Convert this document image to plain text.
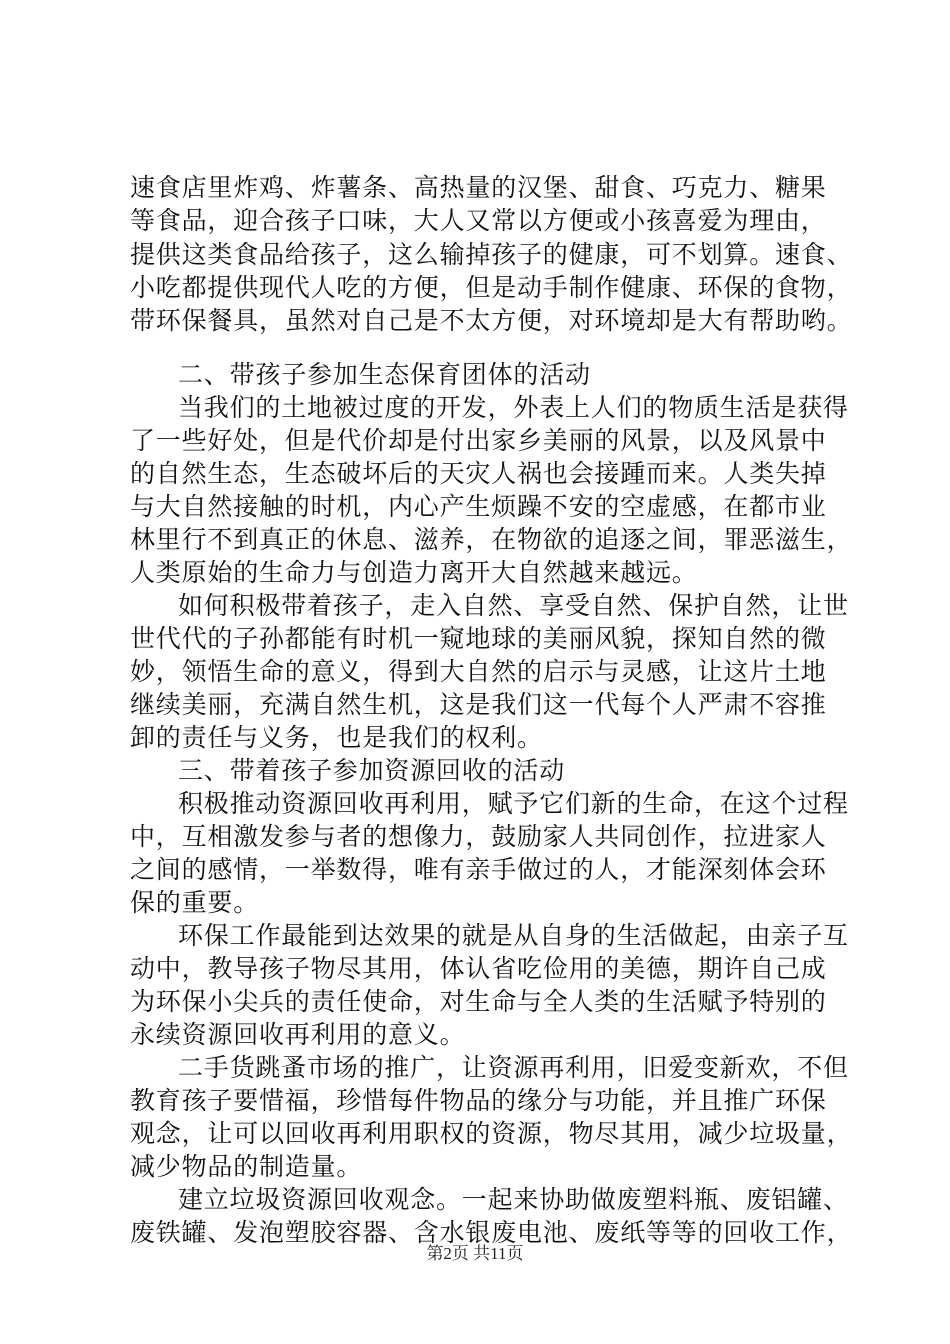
速食店里炸鸡、炸薯条、高热量的汉堡、甜食、巧克力、糖果
等食品，迎合孩子口味，大人又常以方便或小孩喜爱为理由，
提供这类食品给孩子，这么输掉孩子的健康，可不划算。速食、
小吃都提供现代人吃的方便，但是动手制作健康、环保的食物，
带环保餐具，虽然对自己是不太方便，对环境却是大有帮助哟。
二、带孩子参加生态保育团体的活动
当我们的土地被过度的开发，外表上人们的物质生活是获得
了一些好处，但是代价却是付出家乡美丽的风景，以及风景中
的自然生态，生态破坏后的天灾人祸也会接踵而来。人类失掉
与大自然接触的时机，内心产生烦躁不安的空虚感，在都市业
林里行不到真正的休息、滋养，在物欲的追逐之间，罪恶滋生，
人类原始的生命力与创造力离开大自然越来越远。
如何积极带着孩子，走入自然、享受自然、保护自然，让世
世代代的子孙都能有时机一窥地球的美丽风貌，探知自然的微
妙，领悟生命的意义，得到大自然的启示与灵感，让这片土地
继续美丽，充满自然生机，这是我们这一代每个人严肃不容推
卸的责任与义务，也是我们的权利。
三、带着孩子参加资源回收的活动
积极推动资源回收再利用，赋予它们新的生命，在这个过程
中，互相激发参与者的想像力，鼓励家人共同创作，拉进家人
之间的感情，一举数得，唯有亲手做过的人，才能深刻体会环
保的重要。
环保工作最能到达效果的就是从自身的生活做起，由亲子互
动中，教导孩子物尽其用，体认省吃俭用的美德，期许自己成
为环保小尖兵的责任使命，对生命与全人类的生活赋予特别的
永续资源回收再利用的意义。
二手货跳蚤市场的推广，让资源再利用，旧爱变新欢，不但
教育孩子要惜福，珍惜每件物品的缘分与功能，并且推广环保
观念，让可以回收再利用职权的资源，物尽其用，减少垃圾量，
减少物品的制造量。
建立垃圾资源回收观念。一起来协助做废塑料瓶、废铝罐、
废铁罐、发泡塑胶容器、含水银废电池、废纸等等的回收工作，
第2页 共11页
